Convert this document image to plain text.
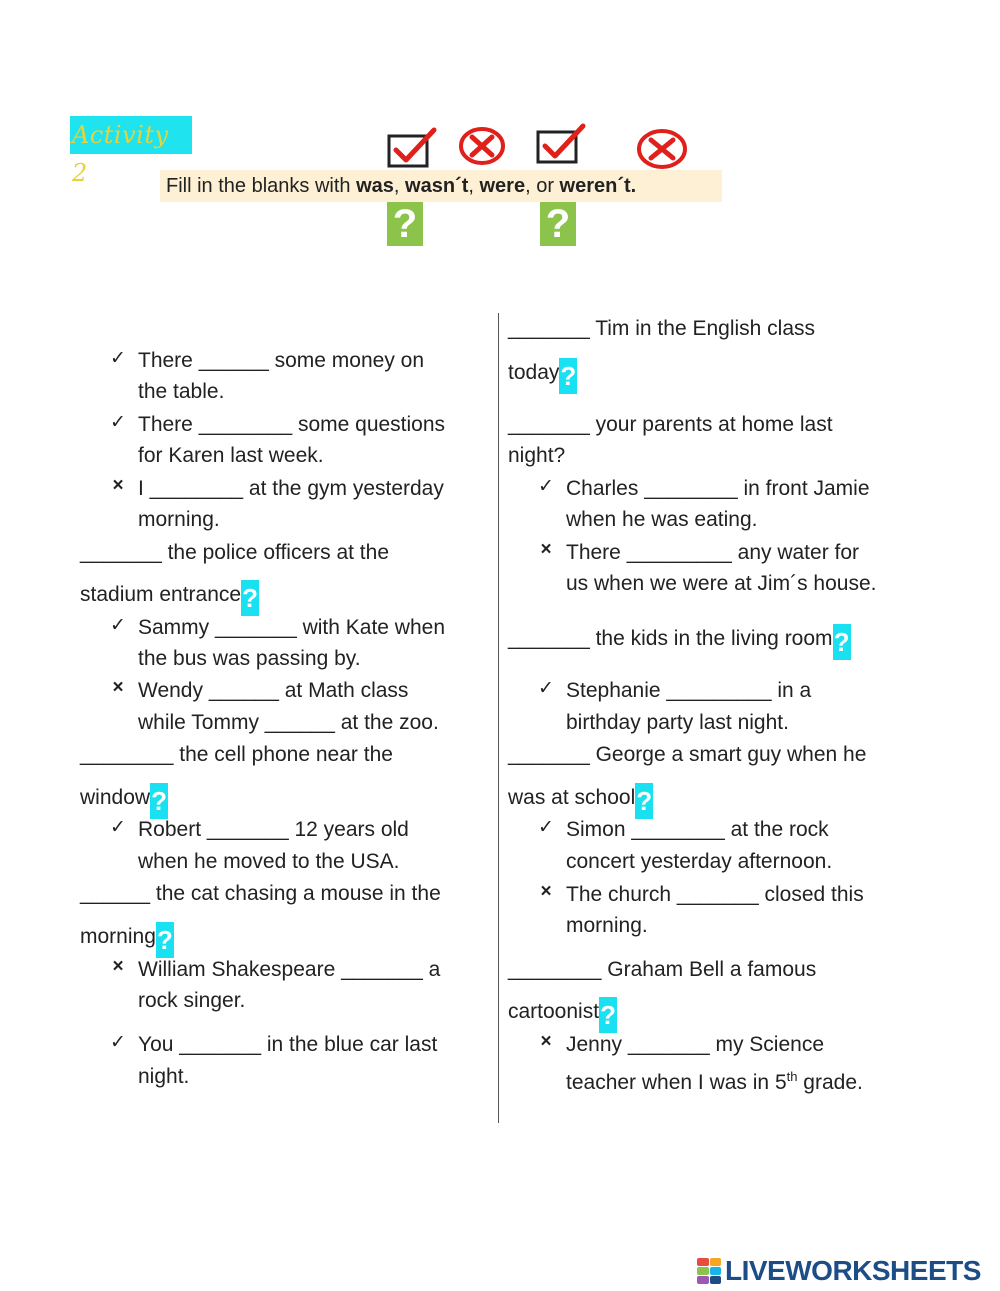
Activity 2	Fill in the blanks with was, wasn´t, were, or weren´t.
?	?
✓ There ______ some money on
the table.
✓ There ________ some questions
for Karen last week.
× I ________ at the gym yesterday
morning.
_______ the police officers at the
stadium entrance?
✓ Sammy _______ with Kate when
the bus was passing by.
× Wendy ______ at Math class
while Tommy ______ at the zoo.
________ the cell phone near the
window?
✓ Robert _______ 12 years old
when he moved to the USA.
______ the cat chasing a mouse in the
morning?
× William Shakespeare _______ a
rock singer.
✓ You _______ in the blue car last
night.
_______ Tim in the English class
today?
_______ your parents at home last
night?
✓ Charles ________ in front Jamie
when he was eating.
× There _________ any water for
us when we were at Jim´s house.
_______ the kids in the living room?
✓ Stephanie _________ in a
birthday party last night.
_______ George a smart guy when he
was at school?
✓ Simon ________ at the rock
concert yesterday afternoon.
× The church _______ closed this
morning.
________ Graham Bell a famous
cartoonist?
× Jenny _______ my Science
teacher when I was in 5th grade.
LIVEWORKSHEETS
